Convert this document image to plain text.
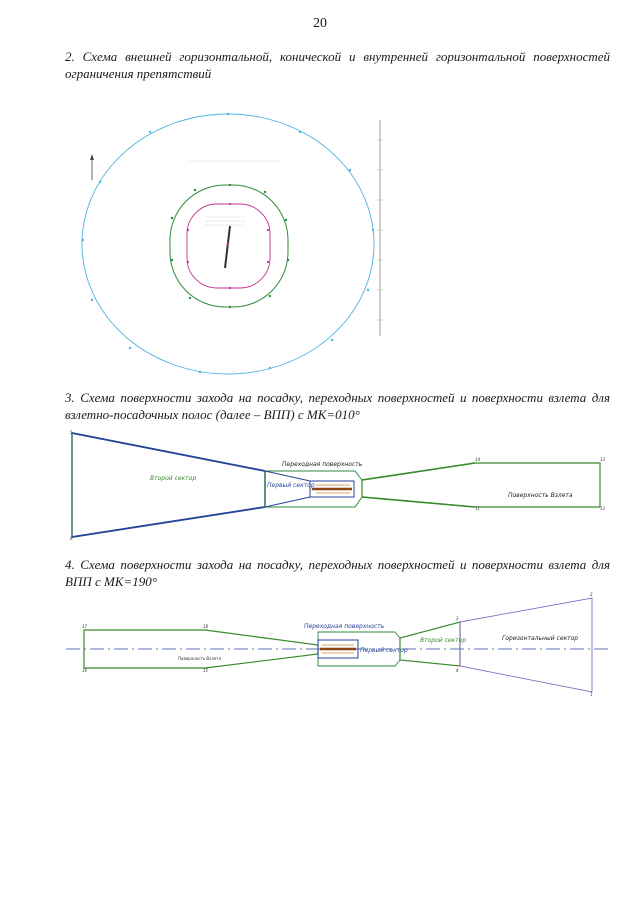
20
2. Схема внешней горизонтальной, конической и внутренней горизонтальной поверхностей ограничения препятствий
3. Схема поверхности захода на посадку, переходных поверхностей и поверхности взлета для взлетно-посадочных полос (далее – ВПП) с МК=010°
5
6
14	13
11	12
Второй сектор
Переходная поверхность
Первый сектор
Поверхность Взлета
4. Схема поверхности захода на посадку, переходных поверхностей и поверхности взлета для ВПП с МК=190°
17	18
16	15
3
4
2
1
Переходная поверхность
Первый сектор
Второй сектор	Горизонтальный сектор
Поверхность Взлета
